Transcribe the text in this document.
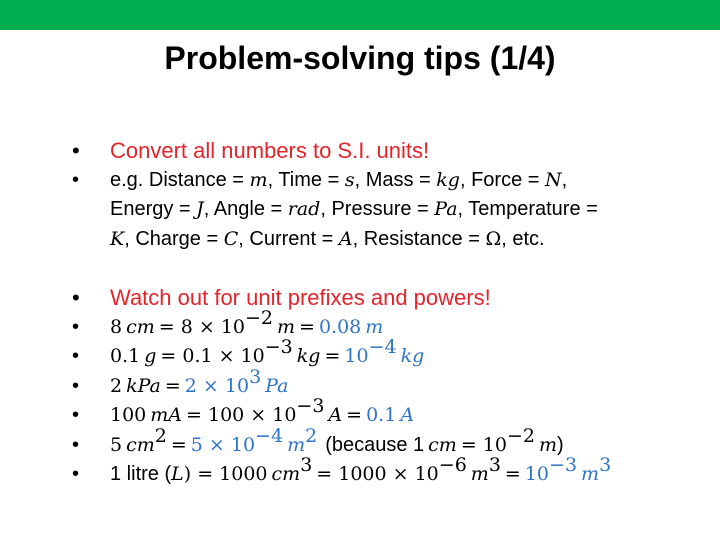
Problem-solving tips (1/4)
• Convert all numbers to S.I. units!
• e.g. Distance = m, Time = s, Mass = kg, Force = N,
Energy = J, Angle = rad, Pressure = Pa, Temperature =
K, Charge = C, Current = A, Resistance = Ω, etc.
• Watch out for unit prefixes and powers!
• 8 cm = $8 \times 10^{-2}$ m = 0.08 m
• 0.1 $g = 0.1 \times 10^{-3}$ kg = $10^{-4}$ kg
• 2 kPa = $2 \times 10^3$ Pa
• 100 mA = $100 \times 10^{-3}$ A = 0.1 A
• 5 $cm^2 = 5 \times 10^{-4}$ $m^2$ (because 1 cm = $10^{-2}$ m)
• 1 litre (L) = 1000 $cm^3 = 1000 \times 10^{-6}$ $m^3 = 10^{-3}$ $m^3$
